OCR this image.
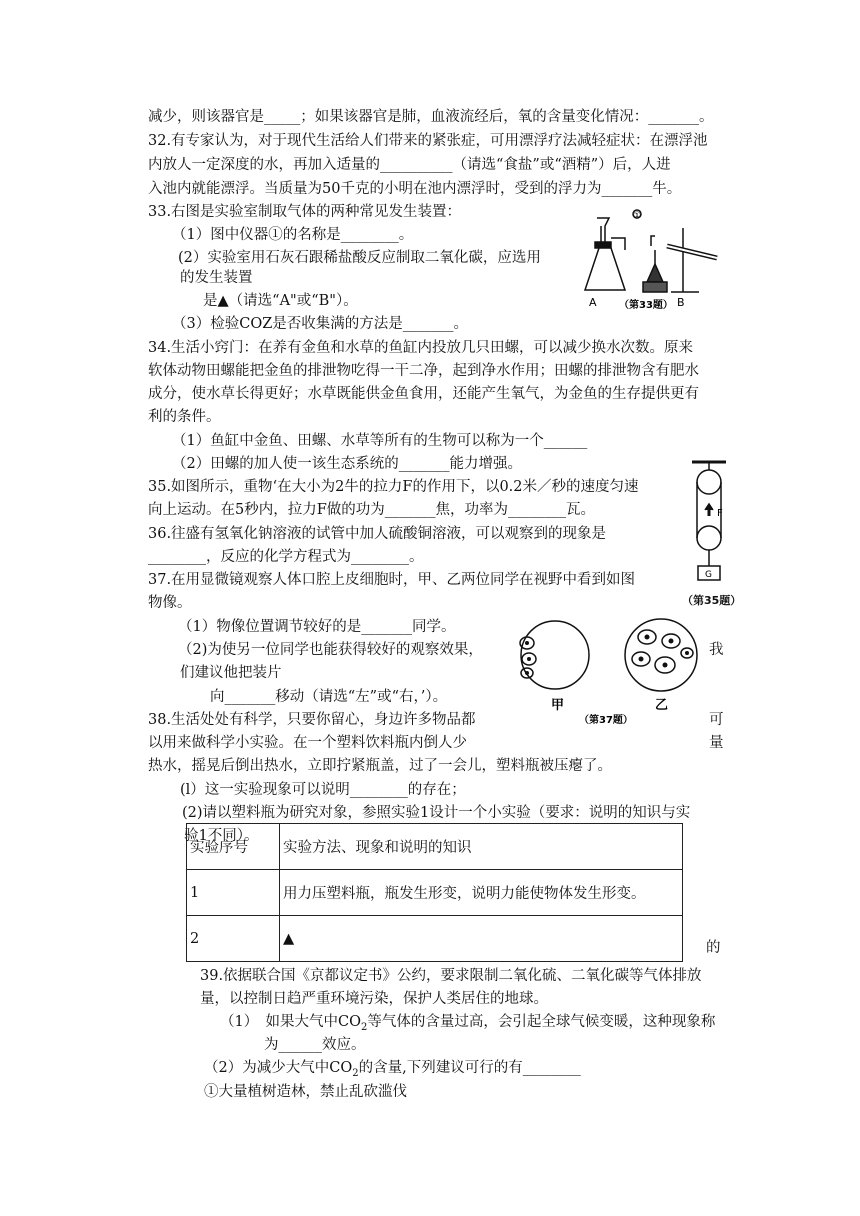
减少，则该器官是_____；如果该器官是肺，血液流经后，氧的含量变化情况：_______。
32.有专家认为，对于现代生活给人们带来的紧张症，可用漂浮疗法减轻症状：在漂浮池
内放人一定深度的水，再加入适量的__________（请选“食盐”或“酒精”）后，人进
入池内就能漂浮。当质量为50千克的小明在池内漂浮时，受到的浮力为_______牛。
33.右图是实验室制取气体的两种常见发生装置：
（1）图中仪器①的名称是________。
(2）实验室用石灰石跟稀盐酸反应制取二氧化碳，应选用
的发生装置
是▲（请选“A"或“B"）。
（3）检验COZ是否收集满的方法是_______。
34.生活小窍门：在养有金鱼和水草的鱼缸内投放几只田螺，可以减少换水次数。原来
软体动物田螺能把金鱼的排泄物吃得一干二净，起到净水作用；田螺的排泄物含有肥水
成分，使水草长得更好；水草既能供金鱼食用，还能产生氧气，为金鱼的生存提供更有
利的条件。
（1）鱼缸中金鱼、田螺、水草等所有的生物可以称为一个______
（2）田螺的加人使一该生态系统的_______能力增强。
35.如图所示，重物‘在大小为2牛的拉力F的作用下，以0.2米／秒的速度匀速
向上运动。在5秒内，拉力F做的功为_______焦，功率为________瓦。
36.往盛有氢氧化钠溶液的试管中加人硫酸铜溶液，可以观察到的现象是
________，反应的化学方程式为________。
37.在用显微镜观察人体口腔上皮细胞时，甲、乙两位同学在视野中看到如图
物像。
（1）物像位置调节较好的是_______同学。
（2)为使另一位同学也能获得较好的观察效果，	我
们建议他把装片
向_______移动（请选“左”或“右，’）。
38.生活处处有科学，只要你留心，身边许多物品都	可
以用来做科学小实验。在一个塑料饮料瓶内倒人少	量
热水，摇晃后倒出热水，立即拧紧瓶盖，过了一会儿，塑料瓶被压瘪了。
(l）这一实验现象可以说明________的存在；
(2)请以塑料瓶为研究对象，参照实验1设计一个小实验（要求：说明的知识与实
验1不同）。
实验序号	实验方法、现象和说明的知识
1	用力压塑料瓶，瓶发生形变，说明力能使物体发生形变。
2	▲
的
39.依据联合国《京都议定书》公约，要求限制二氧化硫、二氧化碳等气体排放
量，以控制日趋严重环境污染，保护人类居住的地球。
（1）　如果大气中$CO_2$等气体的含量过高，会引起全球气候变暖，这种现象称
为______效应。
（2）为减少大气中$CO_2$的含量,下列建议可行的有________
①大量植树造林，禁止乱砍滥伐
A	B
①
（第33题）
F
G
（第35题）
甲	乙
（第37题）
